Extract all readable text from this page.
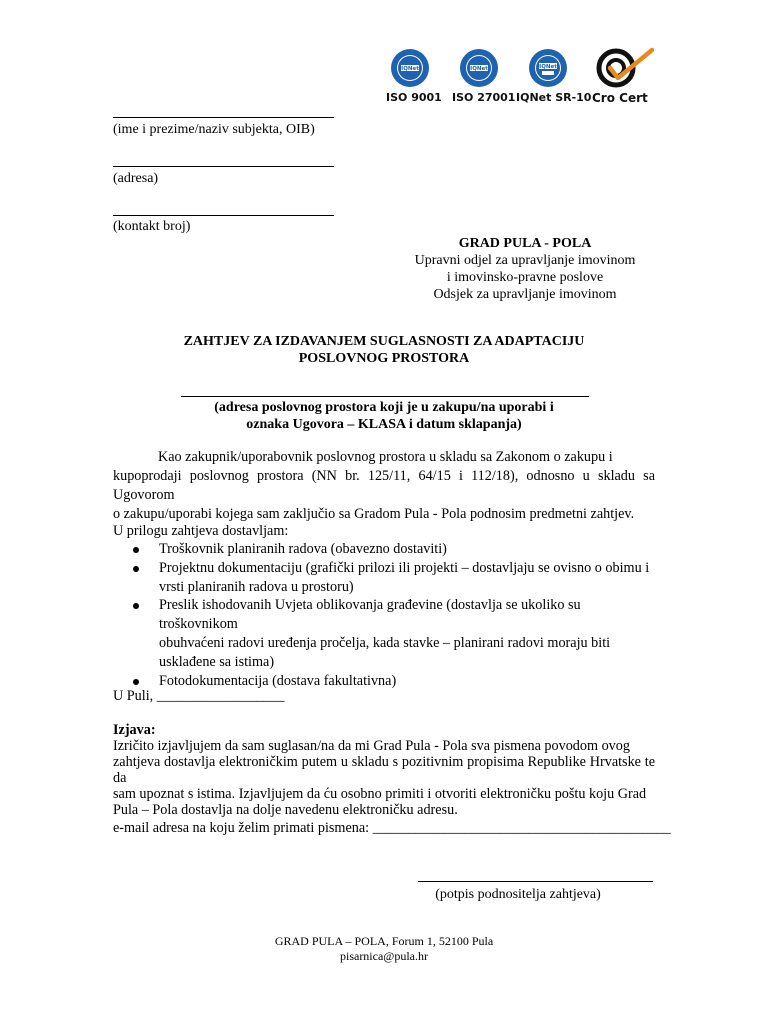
IQNet
ISO 9001
IQNet
ISO 27001
IQNet
IQNet SR-10 Cro Cert
(ime i prezime/naziv subjekta, OIB)
(adresa)
(kontakt broj)
GRAD PULA - POLA
Upravni odjel za upravljanje imovinom
i imovinsko-pravne poslove
Odsjek za upravljanje imovinom
ZAHTJEV ZA IZDAVANJEM SUGLASNOSTI ZA ADAPTACIJU
POSLOVNOG PROSTORA
(adresa poslovnog prostora koji je u zakupu/na uporabi i
oznaka Ugovora – KLASA i datum sklapanja)
Kao zakupnik/uporabovnik poslovnog prostora u skladu sa Zakonom o zakupu i
kupoprodaji poslovnog prostora (NN br. 125/11, 64/15 i 112/18), odnosno u skladu sa Ugovorom
o zakupu/uporabi kojega sam zaključio sa Gradom Pula - Pola podnosim predmetni zahtjev.
U prilogu zahtjeva dostavljam:
Troškovnik planiranih radova (obavezno dostaviti)
Projektnu dokumentaciju (grafički prilozi ili projekti – dostavljaju se ovisno o obimu i
vrsti planiranih radova u prostoru)
Preslik ishodovanih Uvjeta oblikovanja građevine (dostavlja se ukoliko su troškovnikom
obuhvaćeni radovi uređenja pročelja, kada stavke – planirani radovi moraju biti
usklađene sa istima)
Fotodokumentacija (dostava fakultativna)
U Puli, __________________
Izjava:
Izričito izjavljujem da sam suglasan/na da mi Grad Pula - Pola sva pismena povodom ovog
zahtjeva dostavlja elektroničkim putem u skladu s pozitivnim propisima Republike Hrvatske te da
sam upoznat s istima. Izjavljujem da ću osobno primiti i otvoriti elektroničku poštu koju Grad
Pula – Pola dostavlja na dolje navedenu elektroničku adresu.
e-mail adresa na koju želim primati pismena: __________________________________________
(potpis podnositelja zahtjeva)
GRAD PULA – POLA, Forum 1, 52100 Pula
pisarnica@pula.hr
